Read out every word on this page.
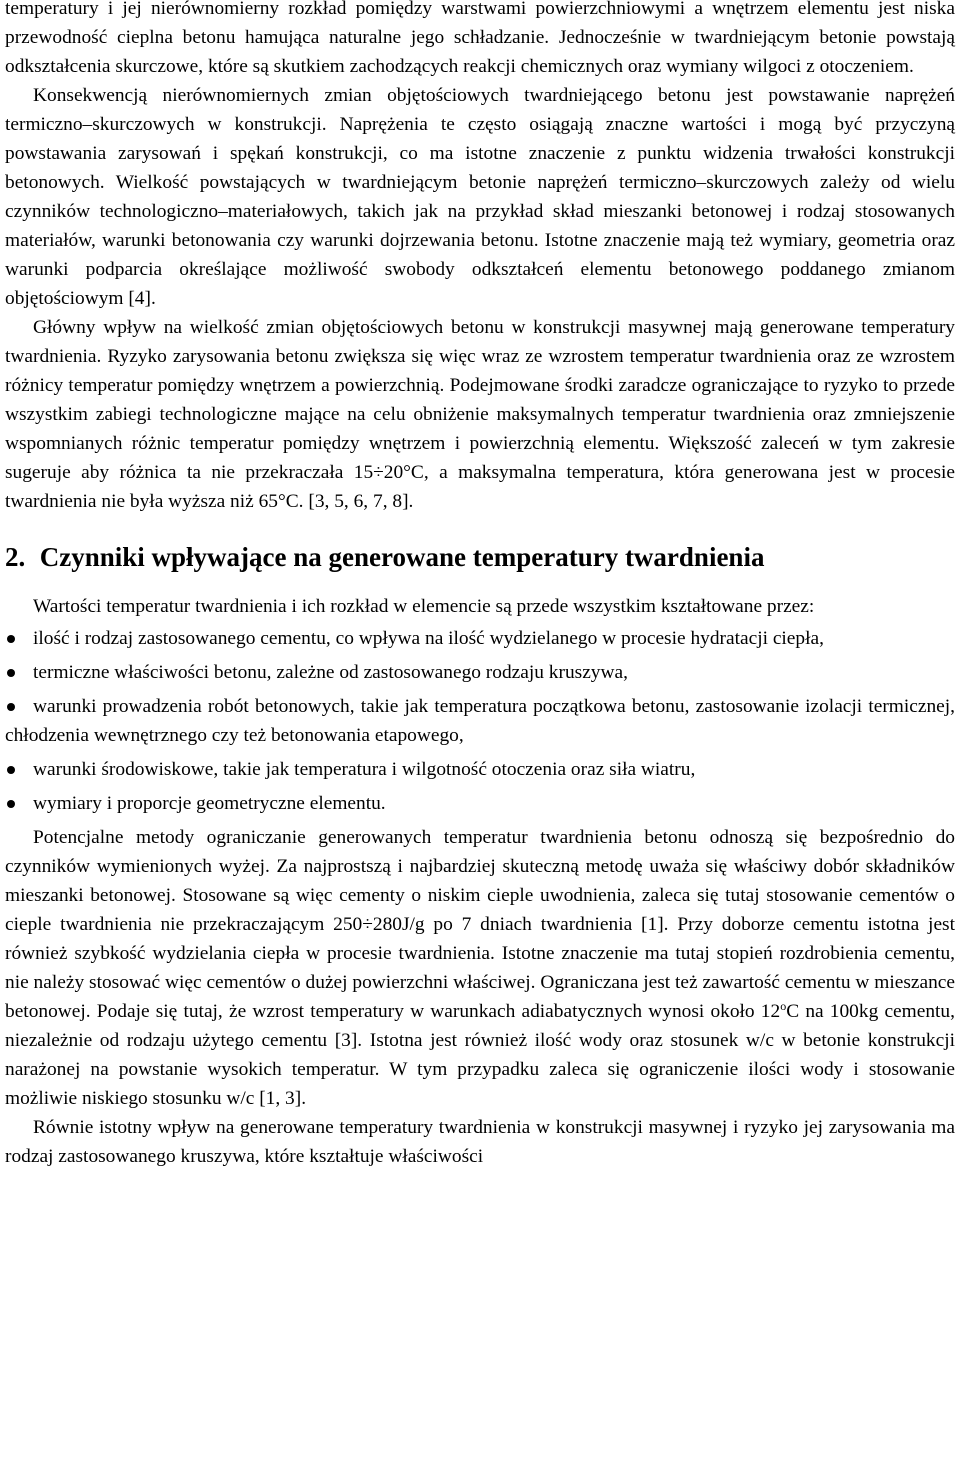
temperatury i jej nierównomierny rozkład pomiędzy warstwami powierzchniowymi a wnętrzem elementu jest niska przewodność cieplna betonu hamująca naturalne jego schładzanie. Jednocześnie w twardniejącym betonie powstają odkształcenia skurczowe, które są skutkiem zachodzących reakcji chemicznych oraz wymiany wilgoci z otoczeniem.

Konsekwencją nierównomiernych zmian objętościowych twardniejącego betonu jest powstawanie naprężeń termiczno–skurczowych w konstrukcji. Naprężenia te często osiągają znaczne wartości i mogą być przyczyną powstawania zarysowań i spękań konstrukcji, co ma istotne znaczenie z punktu widzenia trwałości konstrukcji betonowych. Wielkość powstających w twardniejącym betonie naprężeń termiczno–skurczowych zależy od wielu czynników technologiczno–materiałowych, takich jak na przykład skład mieszanki betonowej i rodzaj stosowanych materiałów, warunki betonowania czy warunki dojrzewania betonu. Istotne znaczenie mają też wymiary, geometria oraz warunki podparcia określające możliwość swobody odkształceń elementu betonowego poddanego zmianom objętościowym [4].

Główny wpływ na wielkość zmian objętościowych betonu w konstrukcji masywnej mają generowane temperatury twardnienia. Ryzyko zarysowania betonu zwiększa się więc wraz ze wzrostem temperatur twardnienia oraz ze wzrostem różnicy temperatur pomiędzy wnętrzem a powierzchnią. Podejmowane środki zaradcze ograniczające to ryzyko to przede wszystkim zabiegi technologiczne mające na celu obniżenie maksymalnych temperatur twardnienia oraz zmniejszenie wspomnianych różnic temperatur pomiędzy wnętrzem i powierzchnią elementu. Większość zaleceń w tym zakresie sugeruje aby różnica ta nie przekraczała 15÷20°C, a maksymalna temperatura, która generowana jest w procesie twardnienia nie była wyższa niż 65°C. [3, 5, 6, 7, 8].

2. Czynniki wpływające na generowane temperatury twardnienia

Wartości temperatur twardnienia i ich rozkład w elemencie są przede wszystkim kształtowane przez:

ilość i rodzaj zastosowanego cementu, co wpływa na ilość wydzielanego w procesie hydratacji ciepła,
termiczne właściwości betonu, zależne od zastosowanego rodzaju kruszywa,
warunki prowadzenia robót betonowych, takie jak temperatura początkowa betonu, zastosowanie izolacji termicznej, chłodzenia wewnętrznego czy też betonowania etapowego,
warunki środowiskowe, takie jak temperatura i wilgotność otoczenia oraz siła wiatru,
wymiary i proporcje geometryczne elementu.

Potencjalne metody ograniczanie generowanych temperatur twardnienia betonu odnoszą się bezpośrednio do czynników wymienionych wyżej. Za najprostszą i najbardziej skuteczną metodę uważa się właściwy dobór składników mieszanki betonowej. Stosowane są więc cementy o niskim cieple uwodnienia, zaleca się tutaj stosowanie cementów o cieple twardnienia nie przekraczającym 250÷280J/g po 7 dniach twardnienia [1]. Przy doborze cementu istotna jest również szybkość wydzielania ciepła w procesie twardnienia. Istotne znaczenie ma tutaj stopień rozdrobienia cementu, nie należy stosować więc cementów o dużej powierzchni właściwej. Ograniczana jest też zawartość cementu w mieszance betonowej. Podaje się tutaj, że wzrost temperatury w warunkach adiabatycznych wynosi około 12$^o$C na 100kg cementu, niezależnie od rodzaju użytego cementu [3]. Istotna jest również ilość wody oraz stosunek w/c w betonie konstrukcji narażonej na powstanie wysokich temperatur. W tym przypadku zaleca się ograniczenie ilości wody i stosowanie możliwie niskiego stosunku w/c [1, 3].

Równie istotny wpływ na generowane temperatury twardnienia w konstrukcji masywnej i ryzyko jej zarysowania ma rodzaj zastosowanego kruszywa, które kształtuje właściwości
